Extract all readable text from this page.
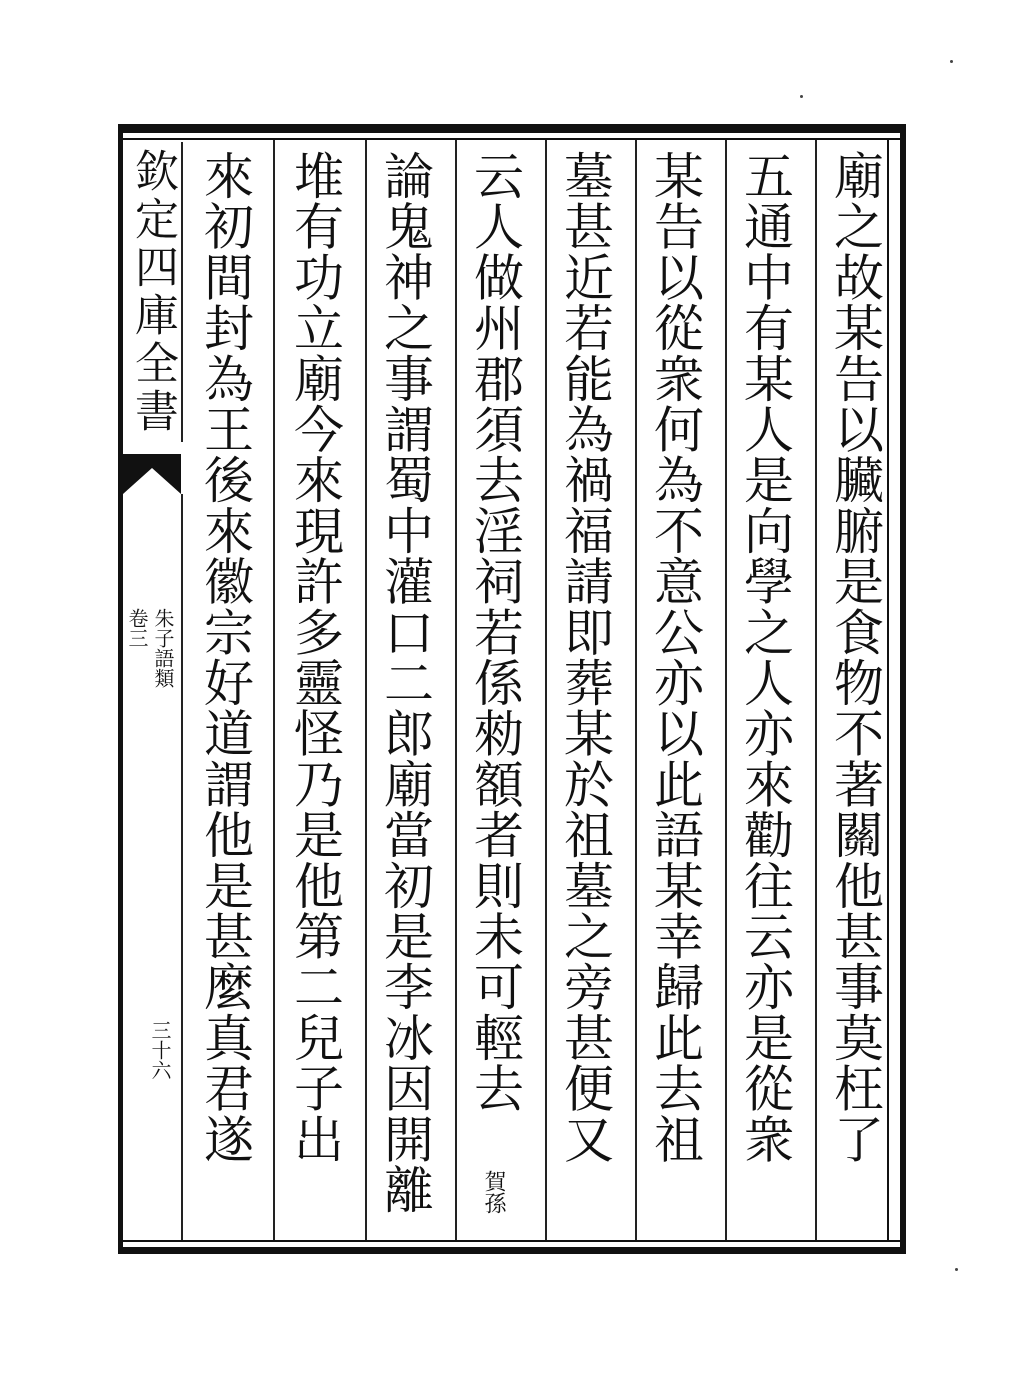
欽定四庫全書
朱子語類
卷三
三十六	廟之故某告以臟腑是食物不著關他甚事莫枉了
五通中有某人是向學之人亦來勸往云亦是從衆
某告以從衆何為不意公亦以此語某幸歸此去祖
墓甚近若能為禍福請即葬某於祖墓之旁甚便又
云人做州郡須去淫祠若係勑額者則未可輕去
賀孫
論鬼神之事謂蜀中灌口二郎廟當初是李冰因開離
堆有功立廟今來現許多靈怪乃是他第二兒子出
來初間封為王後來徽宗好道謂他是甚麼真君遂
